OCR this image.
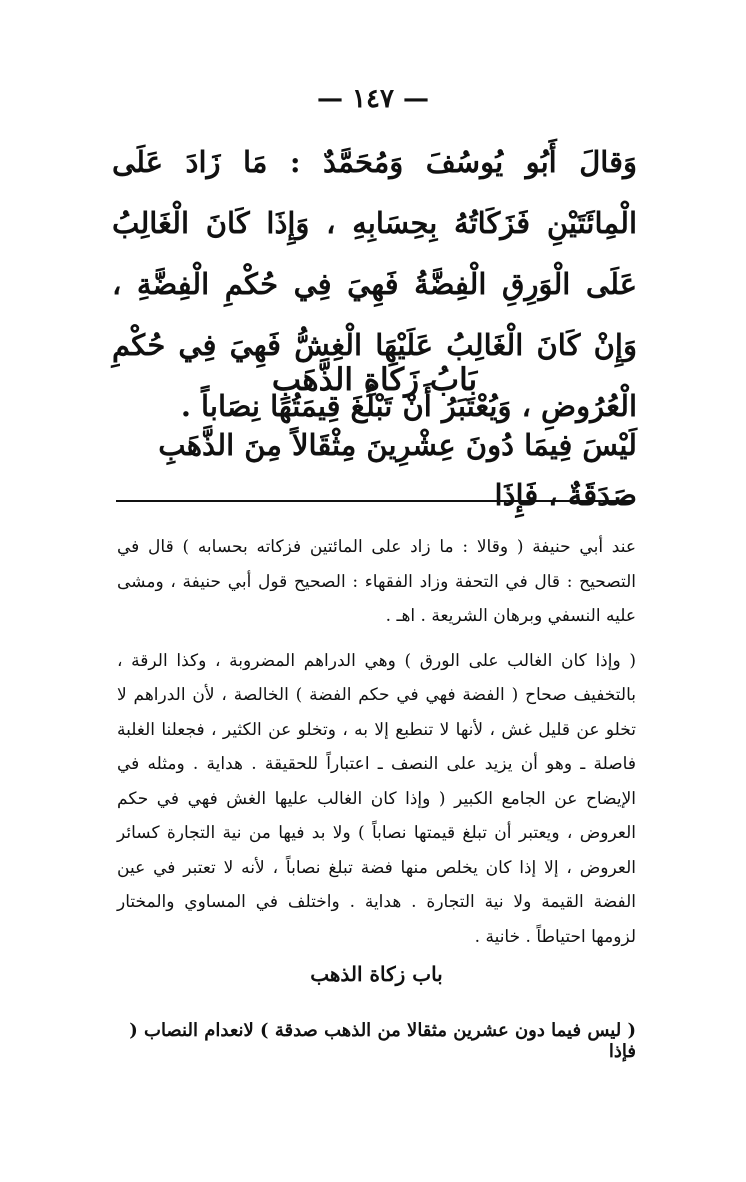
— ١٤٧ —

وَقالَ أَبُو يُوسُفَ وَمُحَمَّدٌ : مَا زَادَ عَلَى الْمِائَتَيْنِ فَزَكَاتُهُ بِحِسَابِهِ ، وَإِذَا كَانَ الْغَالِبُ عَلَى الْوَرِقِ الْفِضَّةُ فَهِيَ فِي حُكْمِ الْفِضَّةِ ، وَإِنْ كَانَ الْغَالِبُ عَلَيْهَا الْغِشُّ فَهِيَ فِي حُكْمِ الْعُرُوضِ ، وَيُعْتَبَرُ أَنْ تَبْلُغَ قِيمَتُهَا نِصَاباً .

بَابُ زَكَاةِ الذَّهَبِ
لَيْسَ فِيمَا دُونَ عِشْرِينَ مِثْقَالاً مِنَ الذَّهَبِ صَدَقَةٌ ، فَإِذَا

عند أبي حنيفة ( وقالا : ما زاد على المائتين فزكاته بحسابه ) قال في التصحيح : قال في التحفة وزاد الفقهاء : الصحيح قول أبي حنيفة ، ومشى عليه النسفي وبرهان الشريعة . اهـ .

( وإذا كان الغالب على الورق ) وهي الدراهم المضروبة ، وكذا الرقة ، بالتخفيف صحاح ( الفضة فهي في حكم الفضة ) الخالصة ، لأن الدراهم لا تخلو عن قليل غش ، لأنها لا تنطبع إلا به ، وتخلو عن الكثير ، فجعلنا الغلبة فاصلة ـ وهو أن يزيد على النصف ـ اعتباراً للحقيقة . هداية . ومثله في الإيضاح عن الجامع الكبير ( وإذا كان الغالب عليها الغش فهي في حكم العروض ، ويعتبر أن تبلغ قيمتها نصاباً ) ولا بد فيها من نية التجارة كسائر العروض ، إلا إذا كان يخلص منها فضة تبلغ نصاباً ، لأنه لا تعتبر في عين الفضة القيمة ولا نية التجارة . هداية . واختلف في المساوي والمختار لزومها احتياطاً . خانية .

باب زكاة الذهب
( ليس فيما دون عشرين مثقالا من الذهب صدقة ) لانعدام النصاب ( فإذا
